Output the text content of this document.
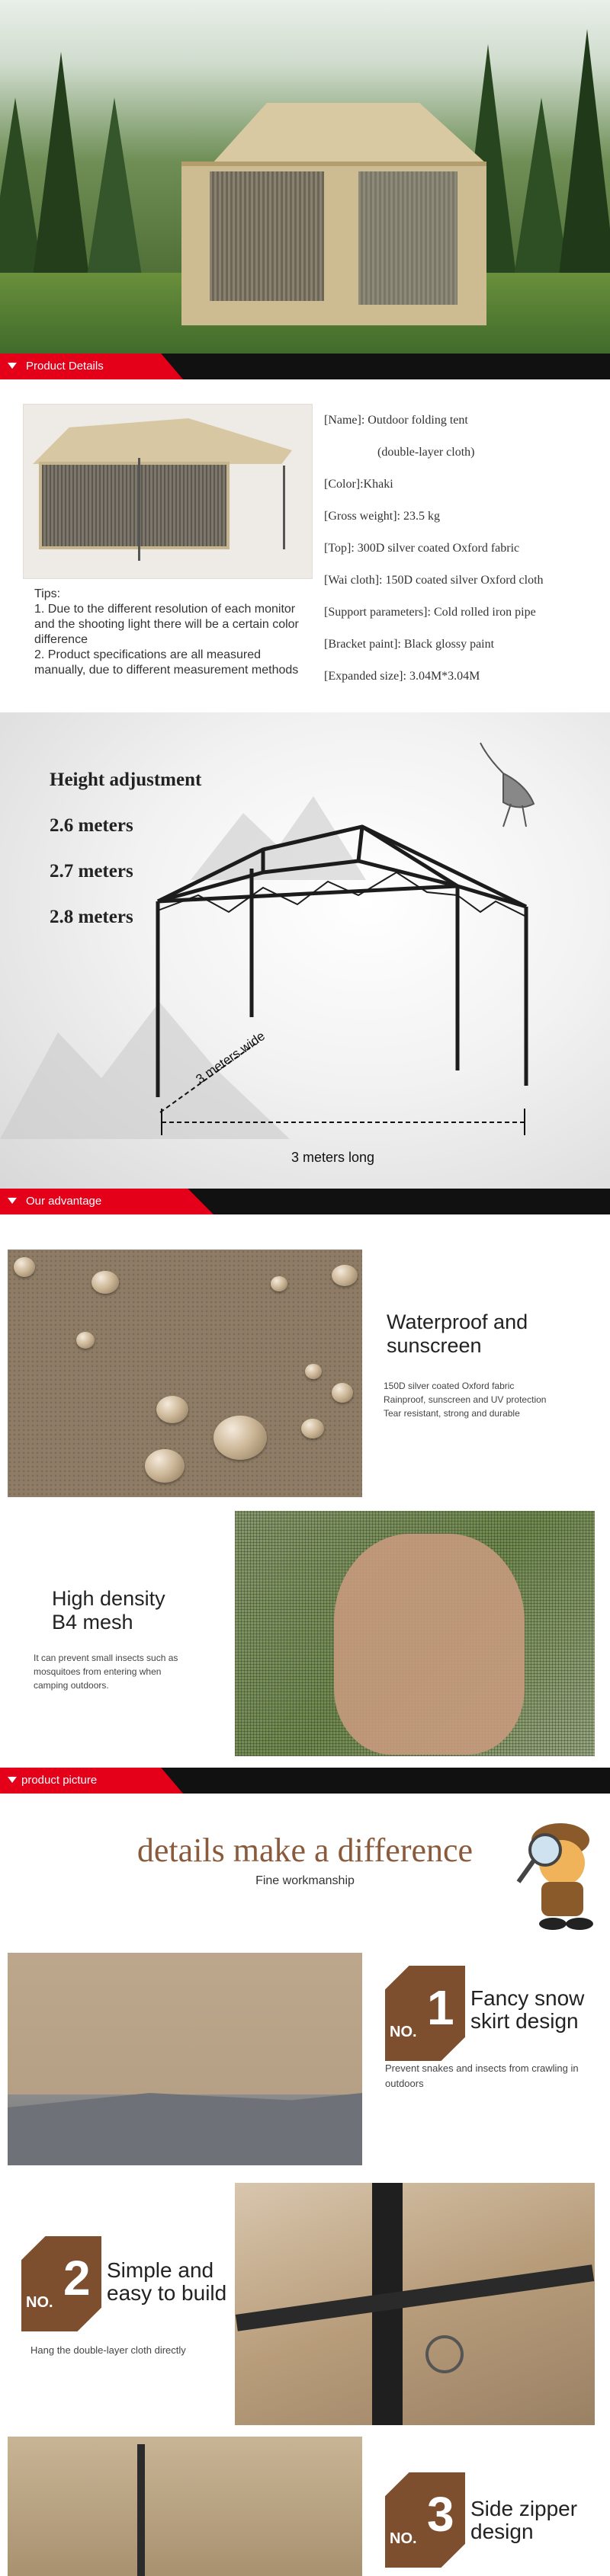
Product Details
Tips:
1. Due to the different resolution of each monitor and the shooting light there will be a certain color difference
2. Product specifications are all measured manually, due to different measurement methods
[Name]: Outdoor folding tent
(double-layer cloth)
[Color]:Khaki
[Gross weight]: 23.5 kg
[Top]: 300D silver coated Oxford fabric
[Wai cloth]: 150D coated silver Oxford cloth
[Support parameters]: Cold rolled iron pipe
[Bracket paint]: Black glossy paint
[Expanded size]: 3.04M*3.04M
3 meters wide
3 meters long
Height adjustment
2.6 meters
2.7 meters
2.8 meters
Our advantage
Waterproof and
sunscreen
150D silver coated Oxford fabric
Rainproof, sunscreen and UV protection
Tear resistant, strong and durable
High density
B4 mesh
It can prevent small insects such as
mosquitoes from entering when
camping outdoors.
product picture
details make a difference
Fine workmanship
NO. 1 Fancy snow
skirt design
Prevent snakes and insects from crawling in
outdoors
NO. 2 Simple and
easy to build
Hang the double-layer cloth directly
NO. 3 Side zipper
design
